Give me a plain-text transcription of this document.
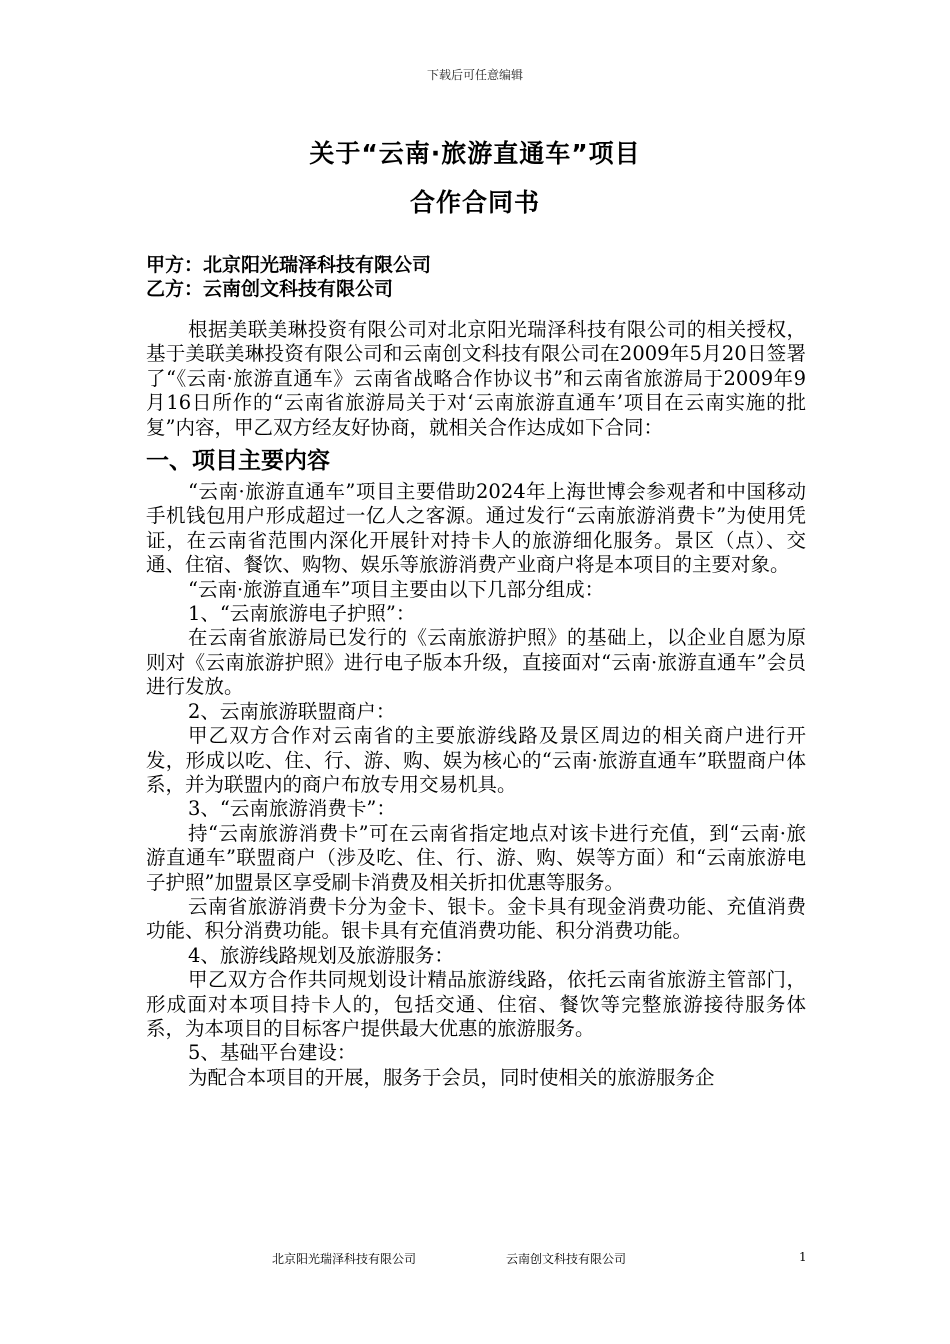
下载后可任意编辑
关于“云南·旅游直通车”项目
合作合同书
甲方：北京阳光瑞泽科技有限公司
乙方：云南创文科技有限公司

根据美联美琳投资有限公司对北京阳光瑞泽科技有限公司的相关授权，基于美联美琳投资有限公司和云南创文科技有限公司在2009年5月20日签署了“《云南·旅游直通车》云南省战略合作协议书”和云南省旅游局于2009年9月16日所作的“云南省旅游局关于对‘云南旅游直通车’项目在云南实施的批复”内容，甲乙双方经友好协商，就相关合作达成如下合同：

一、项目主要内容

“云南·旅游直通车”项目主要借助2024年上海世博会参观者和中国移动手机钱包用户形成超过一亿人之客源。通过发行“云南旅游消费卡”为使用凭证，在云南省范围内深化开展针对持卡人的旅游细化服务。景区（点）、交通、住宿、餐饮、购物、娱乐等旅游消费产业商户将是本项目的主要对象。

“云南·旅游直通车”项目主要由以下几部分组成：

1、“云南旅游电子护照”：

在云南省旅游局已发行的《云南旅游护照》的基础上，以企业自愿为原则对《云南旅游护照》进行电子版本升级，直接面对“云南·旅游直通车”会员进行发放。

2、云南旅游联盟商户：

甲乙双方合作对云南省的主要旅游线路及景区周边的相关商户进行开发，形成以吃、住、行、游、购、娱为核心的“云南·旅游直通车”联盟商户体系，并为联盟内的商户布放专用交易机具。

3、“云南旅游消费卡”：

持“云南旅游消费卡”可在云南省指定地点对该卡进行充值，到“云南·旅游直通车”联盟商户（涉及吃、住、行、游、购、娱等方面）和“云南旅游电子护照”加盟景区享受刷卡消费及相关折扣优惠等服务。

云南省旅游消费卡分为金卡、银卡。金卡具有现金消费功能、充值消费功能、积分消费功能。银卡具有充值消费功能、积分消费功能。

4、旅游线路规划及旅游服务：

甲乙双方合作共同规划设计精品旅游线路，依托云南省旅游主管部门，形成面对本项目持卡人的，包括交通、住宿、餐饮等完整旅游接待服务体系，为本项目的目标客户提供最大优惠的旅游服务。

5、基础平台建设：

为配合本项目的开展，服务于会员，同时使相关的旅游服务企

北京阳光瑞泽科技有限公司	云南创文科技有限公司	1
